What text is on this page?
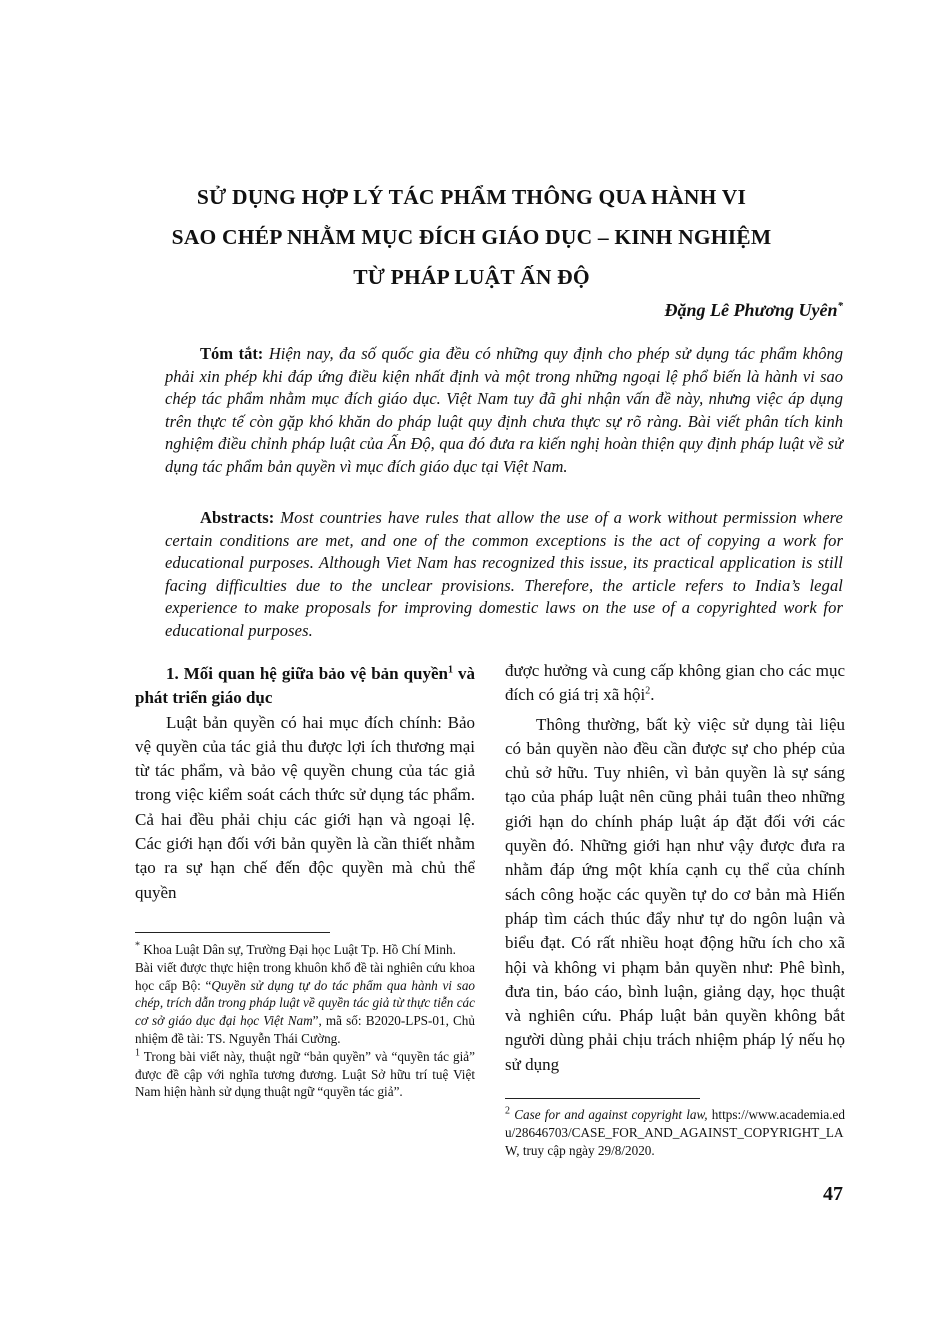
SỬ DỤNG HỢP LÝ TÁC PHẨM THÔNG QUA HÀNH VI
SAO CHÉP NHẰM MỤC ĐÍCH GIÁO DỤC – KINH NGHIỆM
TỪ PHÁP LUẬT ẤN ĐỘ
Đặng Lê Phương Uyên*
Tóm tắt: Hiện nay, đa số quốc gia đều có những quy định cho phép sử dụng tác phẩm không phải xin phép khi đáp ứng điều kiện nhất định và một trong những ngoại lệ phổ biến là hành vi sao chép tác phẩm nhằm mục đích giáo dục. Việt Nam tuy đã ghi nhận vấn đề này, nhưng việc áp dụng trên thực tế còn gặp khó khăn do pháp luật quy định chưa thực sự rõ ràng. Bài viết phân tích kinh nghiệm điều chỉnh pháp luật của Ấn Độ, qua đó đưa ra kiến nghị hoàn thiện quy định pháp luật về sử dụng tác phẩm bản quyền vì mục đích giáo dục tại Việt Nam.
Abstracts: Most countries have rules that allow the use of a work without permission where certain conditions are met, and one of the common exceptions is the act of copying a work for educational purposes. Although Viet Nam has recognized this issue, its practical application is still facing difficulties due to the unclear provisions. Therefore, the article refers to India’s legal experience to make proposals for improving domestic laws on the use of a copyrighted work for educational purposes.

1. Mối quan hệ giữa bảo vệ bản quyền$^1$ và phát triển giáo dục

Luật bản quyền có hai mục đích chính: Bảo vệ quyền của tác giả thu được lợi ích thương mại từ tác phẩm, và bảo vệ quyền chung của tác giả trong việc kiểm soát cách thức sử dụng tác phẩm. Cả hai đều phải chịu các giới hạn và ngoại lệ. Các giới hạn đối với bản quyền là cần thiết nhằm tạo ra sự hạn chế đến độc quyền mà chủ thể quyền

được hưởng và cung cấp không gian cho các mục đích có giá trị xã hội$^2$.

Thông thường, bất kỳ việc sử dụng tài liệu có bản quyền nào đều cần được sự cho phép của chủ sở hữu. Tuy nhiên, vì bản quyền là sự sáng tạo của pháp luật nên cũng phải tuân theo những giới hạn do chính pháp luật áp đặt đối với các quyền đó. Những giới hạn như vậy được đưa ra nhằm đáp ứng một khía cạnh cụ thể của chính sách công hoặc các quyền tự do cơ bản mà Hiến pháp tìm cách thúc đẩy như tự do ngôn luận và biểu đạt. Có rất nhiều hoạt động hữu ích cho xã hội và không vi phạm bản quyền như: Phê bình, đưa tin, báo cáo, bình luận, giảng dạy, học thuật và nghiên cứu. Pháp luật bản quyền không bắt người dùng phải chịu trách nhiệm pháp lý nếu họ sử dụng

* Khoa Luật Dân sự, Trường Đại học Luật Tp. Hồ Chí Minh.

Bài viết được thực hiện trong khuôn khổ đề tài nghiên cứu khoa học cấp Bộ: “Quyền sử dụng tự do tác phẩm qua hành vi sao chép, trích dẫn trong pháp luật về quyền tác giả từ thực tiễn các cơ sở giáo dục đại học Việt Nam”, mã số: B2020-LPS-01, Chủ nhiệm đề tài: TS. Nguyễn Thái Cường.

$^1$ Trong bài viết này, thuật ngữ “bản quyền” và “quyền tác giả” được đề cập với nghĩa tương đương. Luật Sở hữu trí tuệ Việt Nam hiện hành sử dụng thuật ngữ “quyền tác giả”.

$^2$ Case for and against copyright law, https://www.academia.edu/28646703/CASE_FOR_AND_AGAINST_COPYRIGHT_LAW, truy cập ngày 29/8/2020.

47
